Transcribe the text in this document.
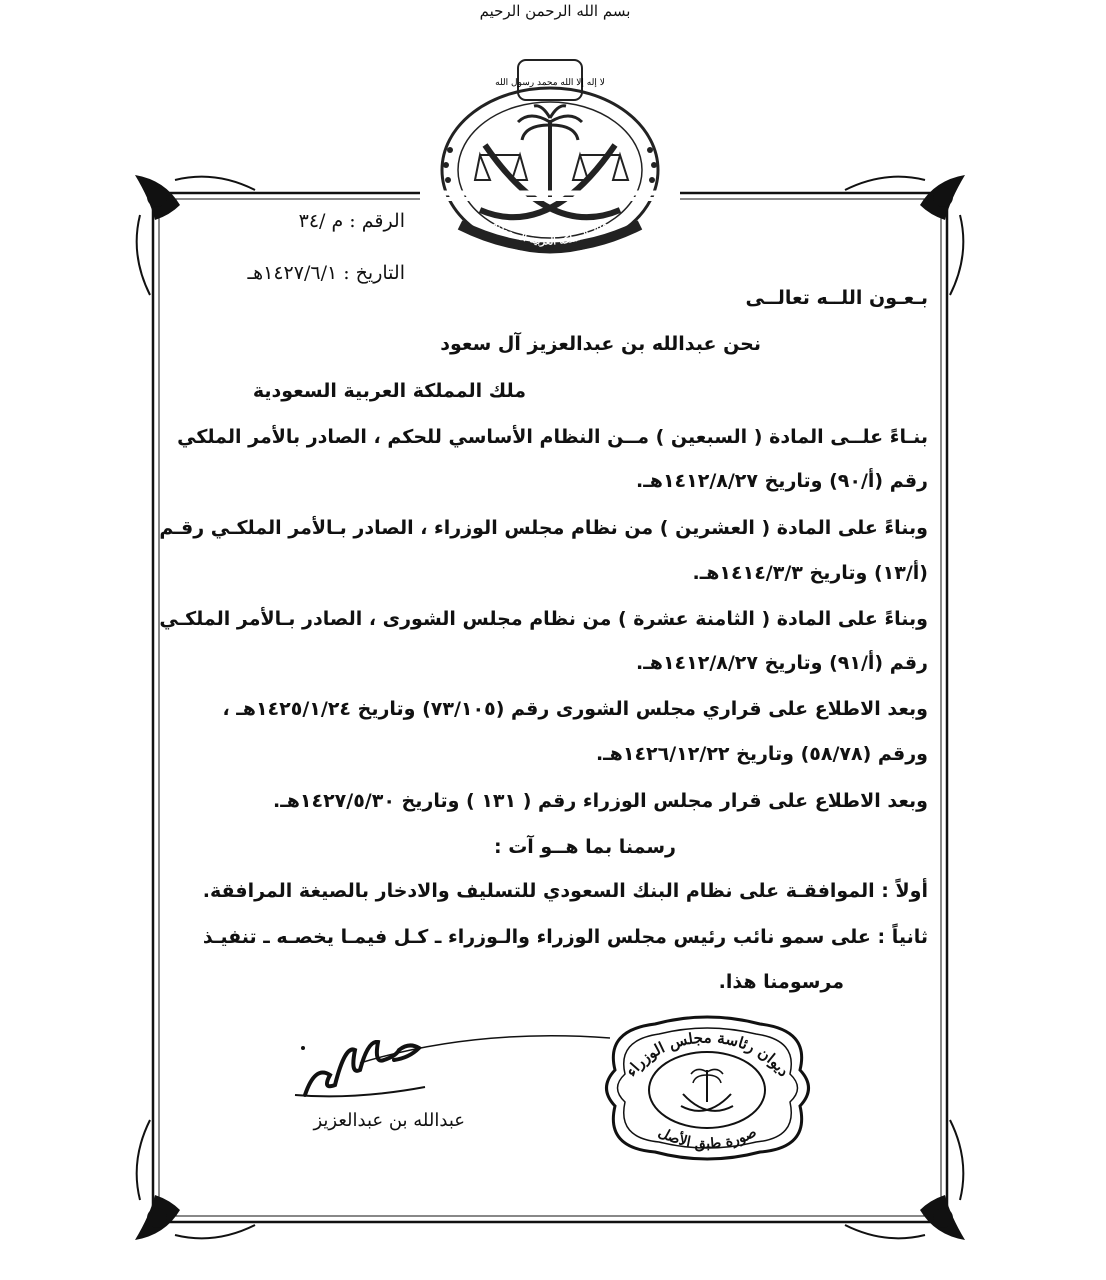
بسم الله الرحمن الرحيم
ملك المملكة العربية السعودية
لا إله إلا الله محمد رسول الله
الرقم : م /٣٤
التاريخ : ١٤٢٧/٦/١هـ
بـعـون اللــه تعالــى
نحن عبدالله بن عبدالعزيز آل سعود
ملك المملكة العربية السعودية
بنـاءً علــى المادة ( السبعين ) مــن النظام الأساسي للحكم ، الصادر بالأمر الملكي
رقم (أ/٩٠) وتاريخ ١٤١٢/٨/٢٧هـ.
وبناءً على المادة ( العشرين ) من نظام مجلس الوزراء ، الصادر بـالأمر الملكـي رقـم
(أ/١٣) وتاريخ ١٤١٤/٣/٣هـ.
وبناءً على المادة ( الثامنة عشرة ) من نظام مجلس الشورى ، الصادر بـالأمر الملكـي
رقم (أ/٩١) وتاريخ ١٤١٢/٨/٢٧هـ.
وبعد الاطلاع على قراري مجلس الشورى رقم (٧٣/١٠٥) وتاريخ ١٤٢٥/١/٢٤هـ ،
ورقم (٥٨/٧٨) وتاريخ ١٤٢٦/١٢/٢٢هـ.
وبعد الاطلاع على قرار مجلس الوزراء رقم ( ١٣١ ) وتاريخ ١٤٢٧/٥/٣٠هـ.
رسمنا بما هــو آت :
أولاً : الموافقـة على نظام البنك السعودي للتسليف والادخار بالصيغة المرافقة.
ثانياً : على سمو نائب رئيس مجلس الوزراء والـوزراء ـ كـل فيمـا يخصـه ـ تنفيـذ
مرسومنا هذا.
ديوان رئاسة مجلس الوزراء
صورة طبق الأصل
عبدالله بن عبدالعزيز
